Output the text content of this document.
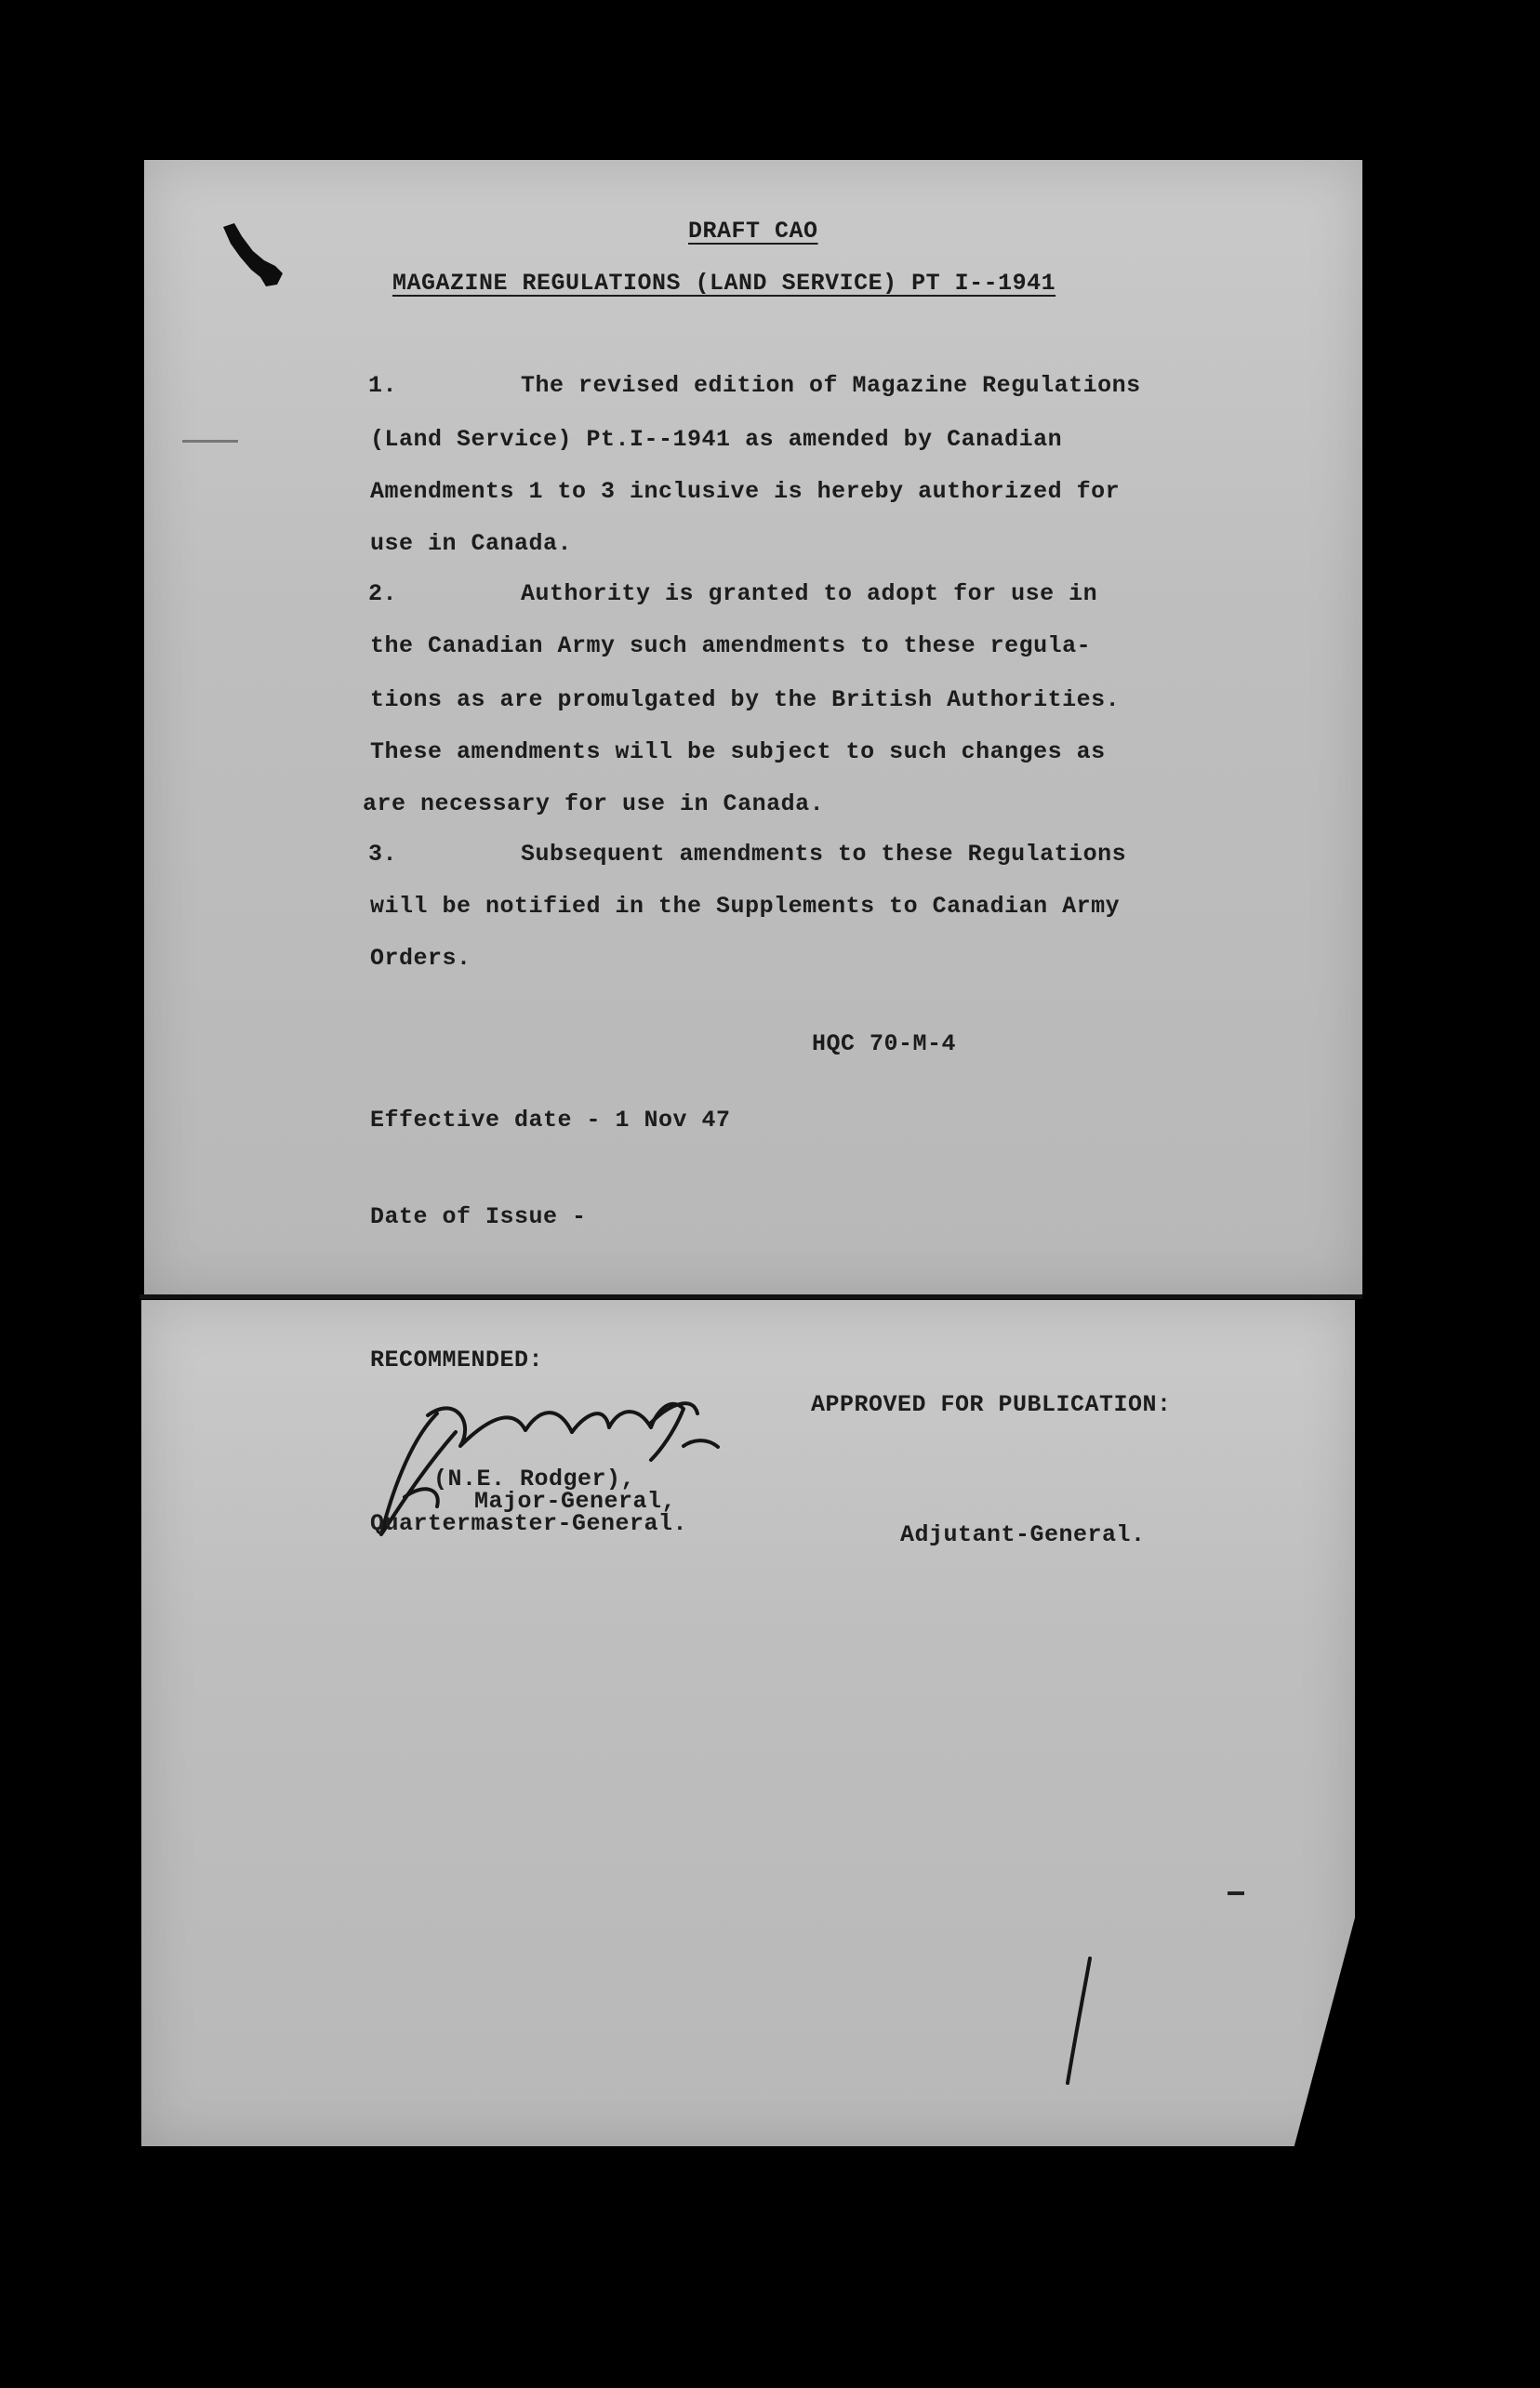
DRAFT CAO
MAGAZINE REGULATIONS (LAND SERVICE) PT I--1941
1.	The revised edition of Magazine Regulations
(Land Service) Pt.I--1941 as amended by Canadian
Amendments 1 to 3 inclusive is hereby authorized for
use in Canada.
2.	Authority is granted to adopt for use in
the Canadian Army such amendments to these regula-
tions as are promulgated by the British Authorities.
These amendments will be subject to such changes as
are necessary for use in Canada.
3.	Subsequent amendments to these Regulations
will be notified in the Supplements to Canadian Army
Orders.
HQC 70-M-4
Effective date - 1 Nov 47
Date of Issue -
RECOMMENDED:
(N.E. Rodger),
Major-General,
Quartermaster-General.
APPROVED FOR PUBLICATION:
Adjutant-General.
